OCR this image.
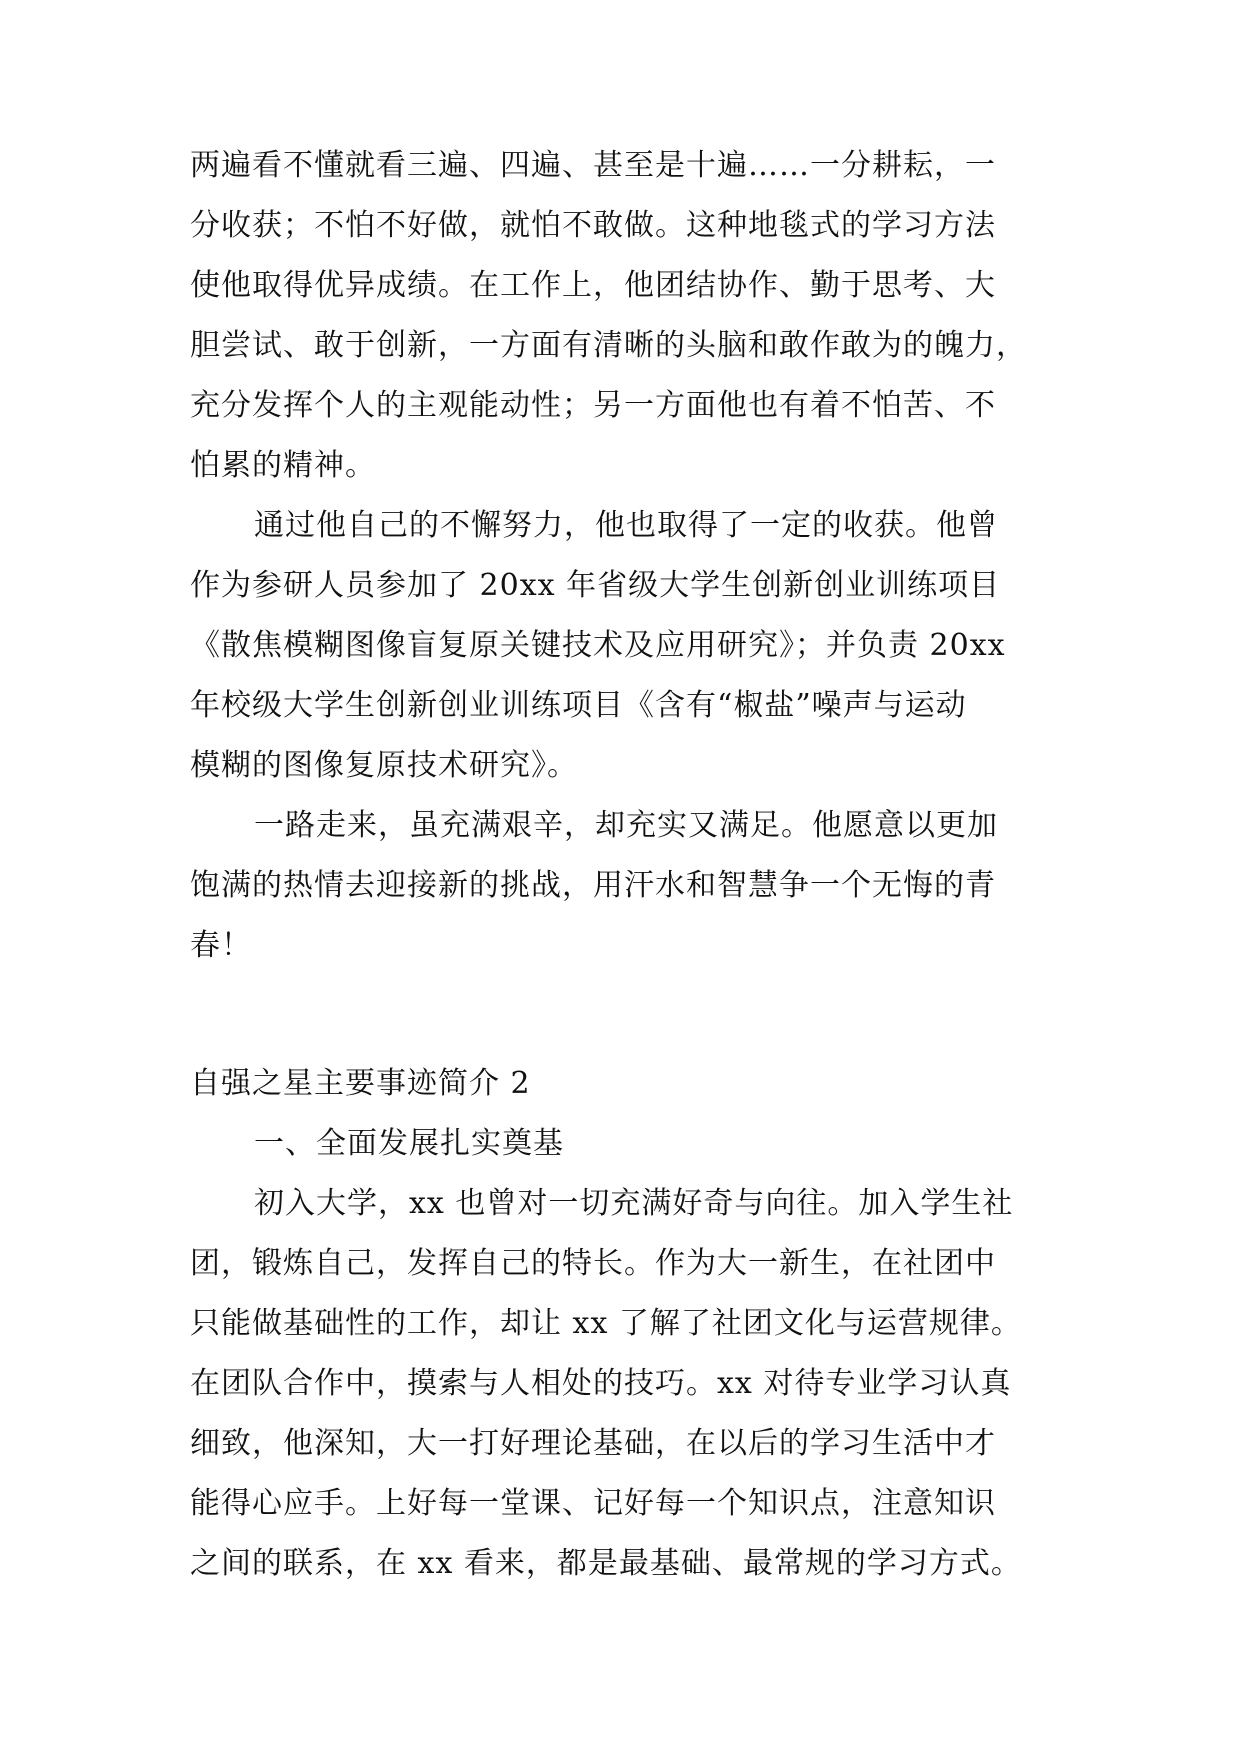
两遍看不懂就看三遍、四遍、甚至是十遍……一分耕耘，一
分收获；不怕不好做，就怕不敢做。这种地毯式的学习方法
使他取得优异成绩。在工作上，他团结协作、勤于思考、大
胆尝试、敢于创新，一方面有清晰的头脑和敢作敢为的魄力，
充分发挥个人的主观能动性；另一方面他也有着不怕苦、不
怕累的精神。
通过他自己的不懈努力，他也取得了一定的收获。他曾
作为参研人员参加了 20xx 年省级大学生创新创业训练项目
《散焦模糊图像盲复原关键技术及应用研究》；并负责 20xx
年校级大学生创新创业训练项目《含有“椒盐”噪声与运动
模糊的图像复原技术研究》。
一路走来，虽充满艰辛，却充实又满足。他愿意以更加
饱满的热情去迎接新的挑战，用汗水和智慧争一个无悔的青
春！
自强之星主要事迹简介 2
一、全面发展扎实奠基
初入大学，xx 也曾对一切充满好奇与向往。加入学生社
团，锻炼自己，发挥自己的特长。作为大一新生，在社团中
只能做基础性的工作，却让 xx 了解了社团文化与运营规律。
在团队合作中，摸索与人相处的技巧。xx 对待专业学习认真
细致，他深知，大一打好理论基础，在以后的学习生活中才
能得心应手。上好每一堂课、记好每一个知识点，注意知识
之间的联系，在 xx 看来，都是最基础、最常规的学习方式。
